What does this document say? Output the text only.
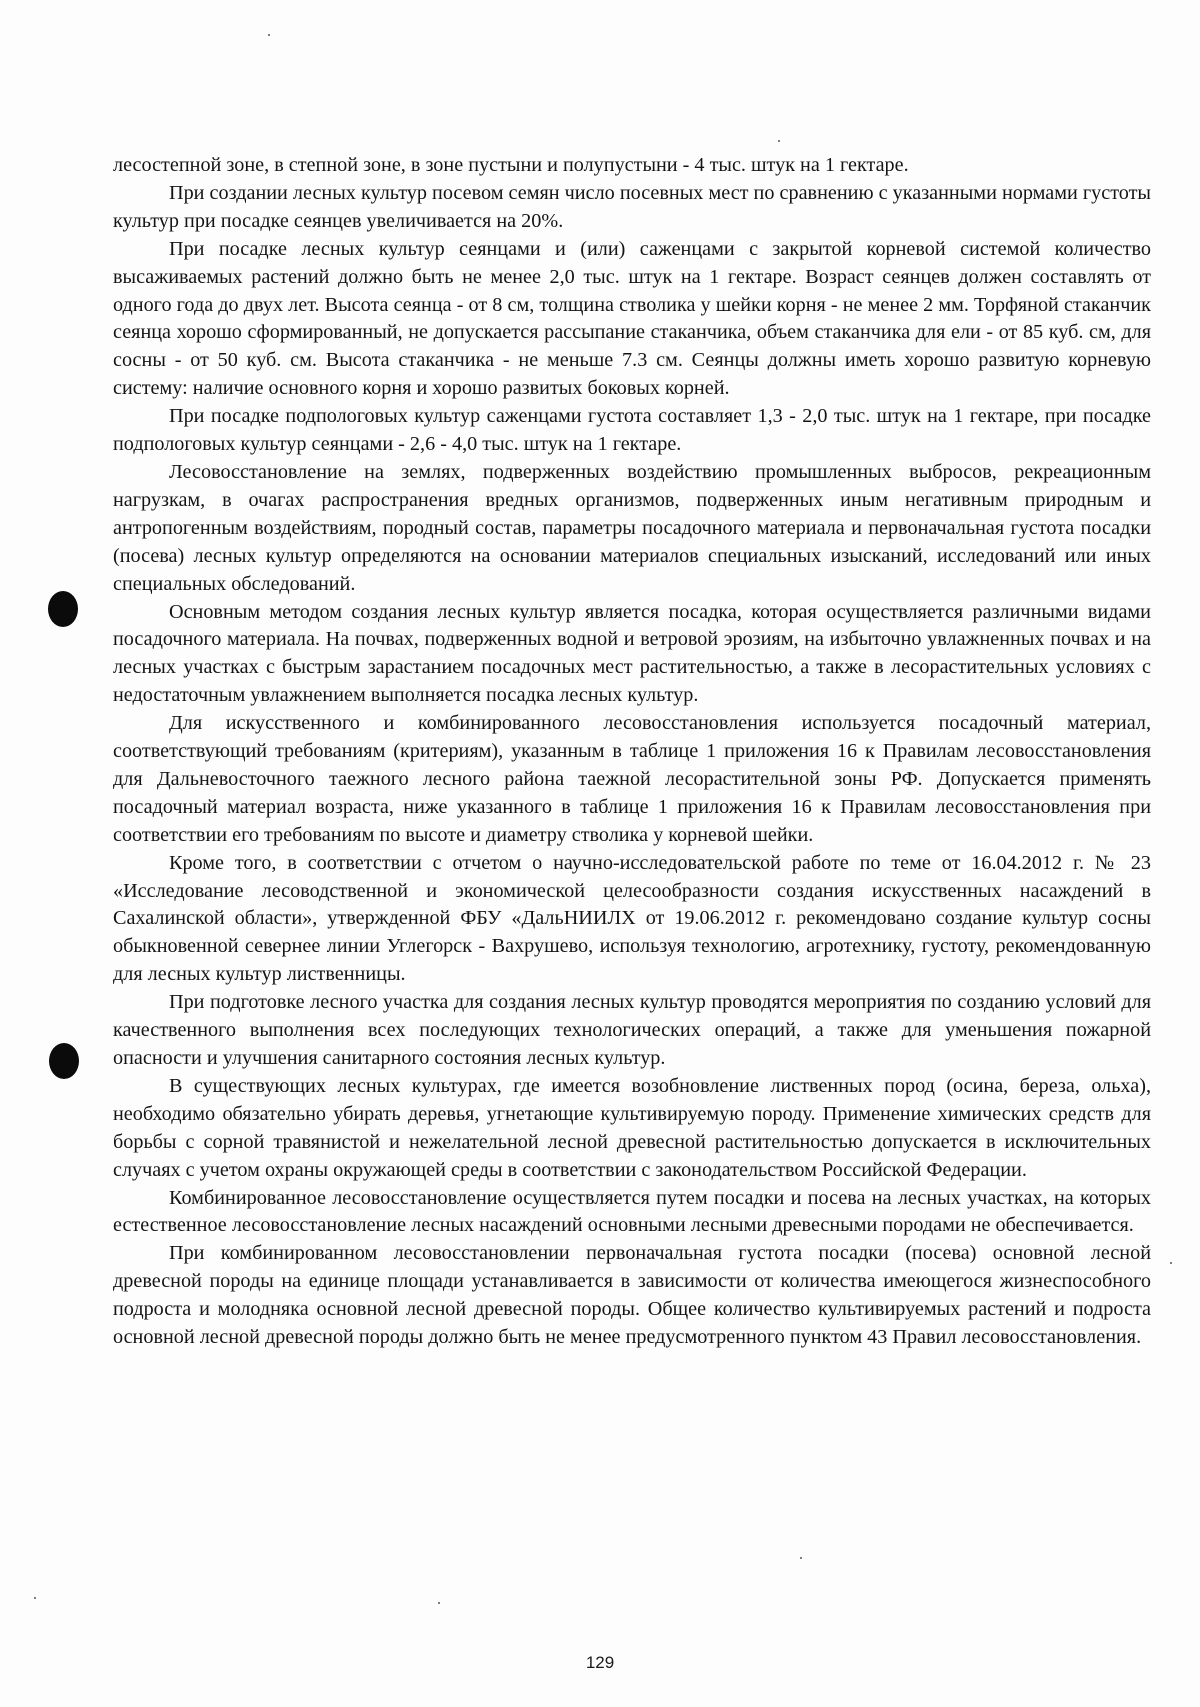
лесостепной зоне, в степной зоне, в зоне пустыни и полупустыни - 4 тыс. штук на 1 гектаре.

При создании лесных культур посевом семян число посевных мест по сравнению с указанными нормами густоты культур при посадке сеянцев увеличивается на 20%.

При посадке лесных культур сеянцами и (или) саженцами с закрытой корневой системой количество высаживаемых растений должно быть не менее 2,0 тыс. штук на 1 гектаре. Возраст сеянцев должен составлять от одного года до двух лет. Высота сеянца - от 8 см, толщина стволика у шейки корня - не менее 2 мм. Торфяной стаканчик сеянца хорошо сформированный, не допускается рассыпание стаканчика, объем стаканчика для ели - от 85 куб. см, для сосны - от 50 куб. см. Высота стаканчика - не меньше 7.3 см. Сеянцы должны иметь хорошо развитую корневую систему: наличие основного корня и хорошо развитых боковых корней.

При посадке подпологовых культур саженцами густота составляет 1,3 - 2,0 тыс. штук на 1 гектаре, при посадке подпологовых культур сеянцами - 2,6 - 4,0 тыс. штук на 1 гектаре.

Лесовосстановление на землях, подверженных воздействию промышленных выбросов, рекреационным нагрузкам, в очагах распространения вредных организмов, подверженных иным негативным природным и антропогенным воздействиям, породный состав, параметры посадочного материала и первоначальная густота посадки (посева) лесных культур определяются на основании материалов специальных изысканий, исследований или иных специальных обследований.

Основным методом создания лесных культур является посадка, которая осуществляется различными видами посадочного материала. На почвах, подверженных водной и ветровой эрозиям, на избыточно увлажненных почвах и на лесных участках с быстрым зарастанием посадочных мест растительностью, а также в лесорастительных условиях с недостаточным увлажнением выполняется посадка лесных культур.

Для искусственного и комбинированного лесовосстановления используется посадочный материал, соответствующий требованиям (критериям), указанным в таблице 1 приложения 16 к Правилам лесовосстановления для Дальневосточного таежного лесного района таежной лесорастительной зоны РФ. Допускается применять посадочный материал возраста, ниже указанного в таблице 1 приложения 16 к Правилам лесовосстановления при соответствии его требованиям по высоте и диаметру стволика у корневой шейки.

Кроме того, в соответствии с отчетом о научно-исследовательской работе по теме от 16.04.2012 г. № 23 «Исследование лесоводственной и экономической целесообразности создания искусственных насаждений в Сахалинской области», утвержденной ФБУ «ДальНИИЛХ от 19.06.2012 г. рекомендовано создание культур сосны обыкновенной севернее линии Углегорск - Вахрушево, используя технологию, агротехнику, густоту, рекомендованную для лесных культур лиственницы.

При подготовке лесного участка для создания лесных культур проводятся мероприятия по созданию условий для качественного выполнения всех последующих технологических операций, а также для уменьшения пожарной опасности и улучшения санитарного состояния лесных культур.

В существующих лесных культурах, где имеется возобновление лиственных пород (осина, береза, ольха), необходимо обязательно убирать деревья, угнетающие культивируемую породу. Применение химических средств для борьбы с сорной травянистой и нежелательной лесной древесной растительностью допускается в исключительных случаях с учетом охраны окружающей среды в соответствии с законодательством Российской Федерации.

Комбинированное лесовосстановление осуществляется путем посадки и посева на лесных участках, на которых естественное лесовосстановление лесных насаждений основными лесными древесными породами не обеспечивается.

При комбинированном лесовосстановлении первоначальная густота посадки (посева) основной лесной древесной породы на единице площади устанавливается в зависимости от количества имеющегося жизнеспособного подроста и молодняка основной лесной древесной породы. Общее количество культивируемых растений и подроста основной лесной древесной породы должно быть не менее предусмотренного пунктом 43 Правил лесовосстановления.

129
